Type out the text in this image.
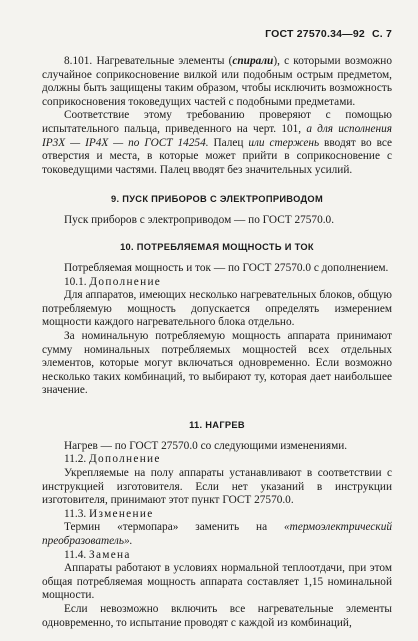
ГОСТ 27570.34—92 С. 7

8.101. Нагревательные элементы (спирали), с которыми возможно случайное соприкосновение вилкой или подобным острым предметом, должны быть защищены таким образом, чтобы исключить возможность соприкосновения токоведущих частей с подобными предметами.

Соответствие этому требованию проверяют с помощью испытательного пальца, приведенного на черт. 101, а для исполнения IP3X — IP4X — по ГОСТ 14254. Палец или стержень вводят во все отверстия и места, в которые может прийти в соприкосновение с токоведущими частями. Палец вводят без значительных усилий.

9. ПУСК ПРИБОРОВ С ЭЛЕКТРОПРИВОДОМ

Пуск приборов с электроприводом — по ГОСТ 27570.0.

10. ПОТРЕБЛЯЕМАЯ МОЩНОСТЬ И ТОК

Потребляемая мощность и ток — по ГОСТ 27570.0 с дополнением.

10.1. Дополнение

Для аппаратов, имеющих несколько нагревательных блоков, общую потребляемую мощность допускается определять измерением мощности каждого нагревательного блока отдельно.

За номинальную потребляемую мощность аппарата принимают сумму номинальных потребляемых мощностей всех отдельных элементов, которые могут включаться одновременно. Если возможно несколько таких комбинаций, то выбирают ту, которая дает наибольшее значение.

11. НАГРЕВ

Нагрев — по ГОСТ 27570.0 со следующими изменениями.

11.2. Дополнение

Укрепляемые на полу аппараты устанавливают в соответствии с инструкцией изготовителя. Если нет указаний в инструкции изготовителя, принимают этот пункт ГОСТ 27570.0.

11.3. Изменение

Термин «термопара» заменить на «термоэлектрический преобразователь».

11.4. Замена

Аппараты работают в условиях нормальной теплоотдачи, при этом общая потребляемая мощность аппарата составляет 1,15 номинальной мощности.

Если невозможно включить все нагревательные элементы одновременно, то испытание проводят с каждой из комбинаций,
